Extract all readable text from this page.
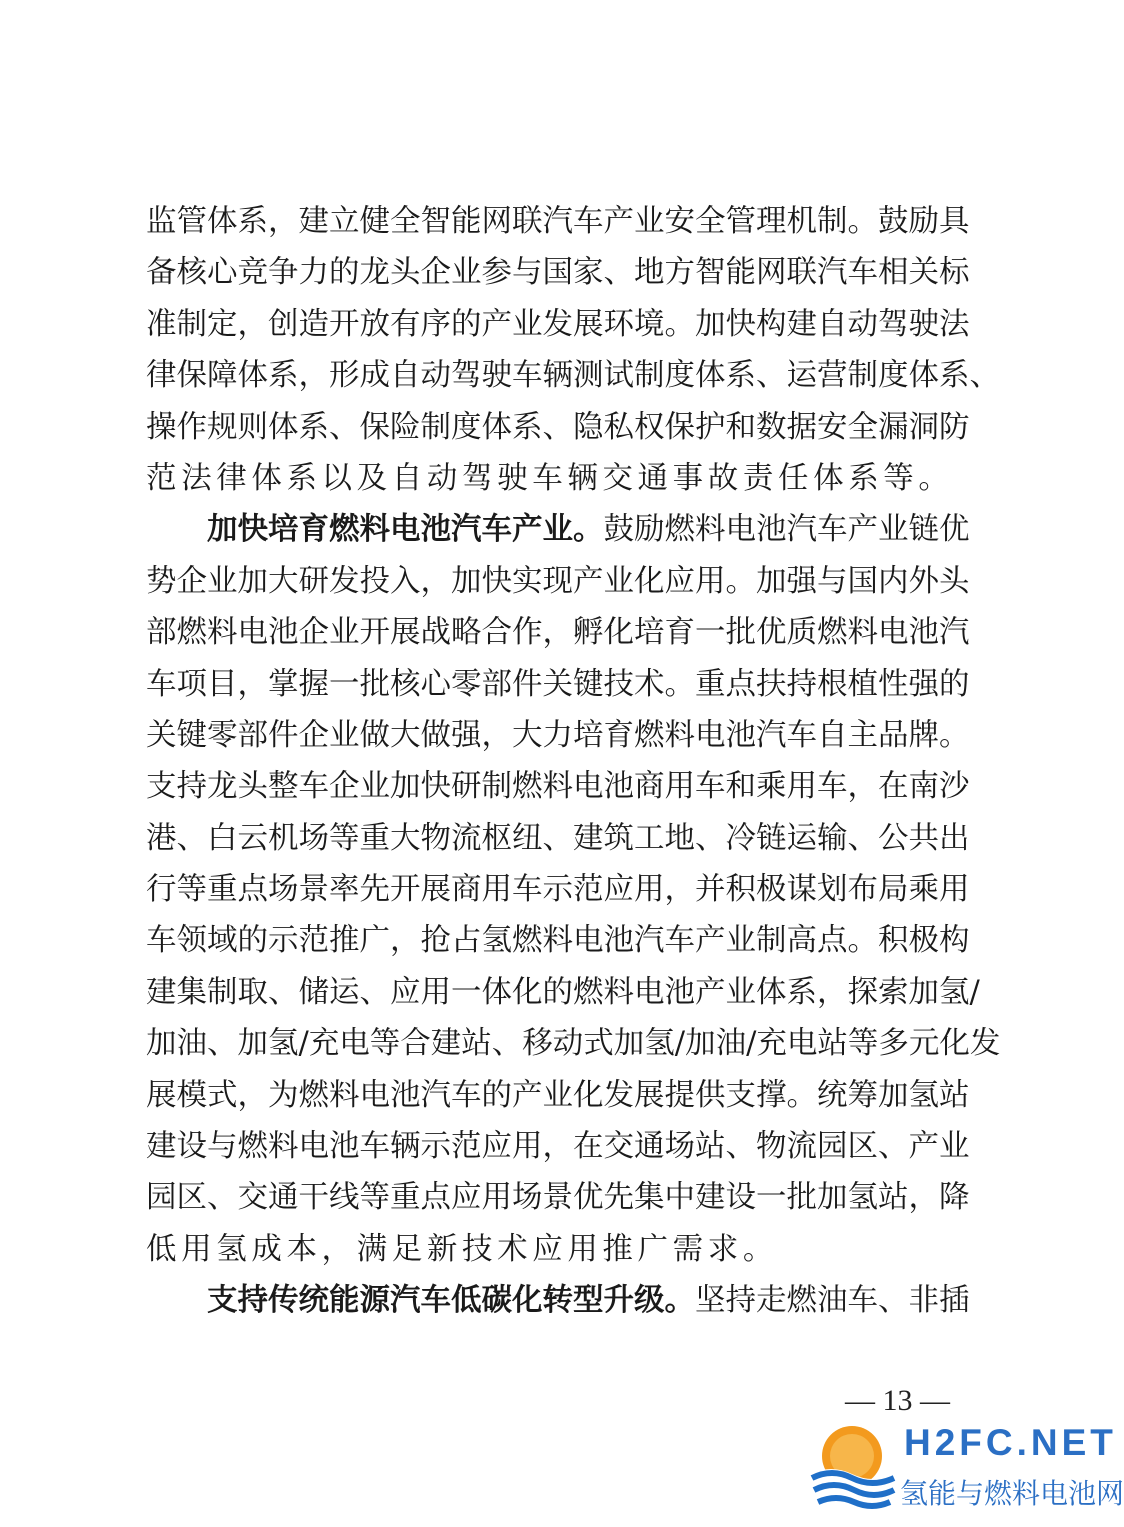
监 管 体 系 ， 建 立 健 全 智 能 网 联 汽 车 产 业 安 全 管 理 机 制 。 鼓 励 具
备 核 心 竞 争 力 的 龙 头 企 业 参 与 国 家 、 地 方 智 能 网 联 汽 车 相 关 标
准 制 定 ， 创 造 开 放 有 序 的 产 业 发 展 环 境 。 加 快 构 建 自 动 驾 驶 法
律 保 障 体 系 ， 形 成 自 动 驾 驶 车 辆 测 试 制 度 体 系 、 运 营 制 度 体 系 、
操 作 规 则 体 系 、 保 险 制 度 体 系 、 隐 私 权 保 护 和 数 据 安 全 漏 洞 防
范 法 律 体 系 以 及 自 动 驾 驶 车 辆 交 通 事 故 责 任 体 系 等 。
加 快 培 育 燃 料 电 池 汽 车 产 业 。 鼓 励 燃 料 电 池 汽 车 产 业 链 优
势 企 业 加 大 研 发 投 入 ， 加 快 实 现 产 业 化 应 用 。 加 强 与 国 内 外 头
部 燃 料 电 池 企 业 开 展 战 略 合 作 ， 孵 化 培 育 一 批 优 质 燃 料 电 池 汽
车 项 目 ， 掌 握 一 批 核 心 零 部 件 关 键 技 术 。 重 点 扶 持 根 植 性 强 的
关 键 零 部 件 企 业 做 大 做 强 ， 大 力 培 育 燃 料 电 池 汽 车 自 主 品 牌 。
支 持 龙 头 整 车 企 业 加 快 研 制 燃 料 电 池 商 用 车 和 乘 用 车 ， 在 南 沙
港 、 白 云 机 场 等 重 大 物 流 枢 纽 、 建 筑 工 地 、 冷 链 运 输 、 公 共 出
行 等 重 点 场 景 率 先 开 展 商 用 车 示 范 应 用 ， 并 积 极 谋 划 布 局 乘 用
车 领 域 的 示 范 推 广 ， 抢 占 氢 燃 料 电 池 汽 车 产 业 制 高 点 。 积 极 构
建 集 制 取 、 储 运 、 应 用 一 体 化 的 燃 料 电 池 产 业 体 系 ， 探 索 加 氢 /
加 油 、 加 氢 / 充 电 等 合 建 站 、 移 动 式 加 氢 / 加 油 / 充 电 站 等 多 元 化 发
展 模 式 ， 为 燃 料 电 池 汽 车 的 产 业 化 发 展 提 供 支 撑 。 统 筹 加 氢 站
建 设 与 燃 料 电 池 车 辆 示 范 应 用 ， 在 交 通 场 站 、 物 流 园 区 、 产 业
园 区 、 交 通 干 线 等 重 点 应 用 场 景 优 先 集 中 建 设 一 批 加 氢 站 ， 降
低 用 氢 成 本 ， 满 足 新 技 术 应 用 推 广 需 求 。
支 持 传 统 能 源 汽 车 低 碳 化 转 型 升 级 。 坚 持 走 燃 油 车 、 非 插
— 13 —
H2FC.NET
氢能与燃料电池网
